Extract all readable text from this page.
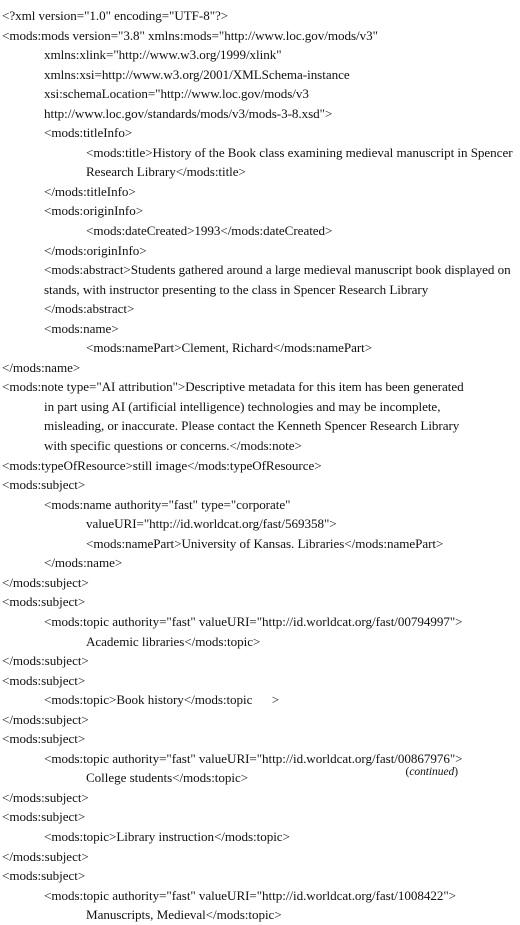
<?xml version="1.0" encoding="UTF-8"?>

<mods:mods version="3.8" xmlns:mods="http://www.loc.gov/mods/v3"

xmlns:xlink="http://www.w3.org/1999/xlink"

xmlns:xsi=http://www.w3.org/2001/XMLSchema-instance

xsi:schemaLocation="http://www.loc.gov/mods/v3

http://www.loc.gov/standards/mods/v3/mods-3-8.xsd">

<mods:titleInfo>

<mods:title>History of the Book class examining medieval manuscript in Spencer

Research Library</mods:title>

</mods:titleInfo>

<mods:originInfo>

<mods:dateCreated>1993</mods:dateCreated>

</mods:originInfo>

<mods:abstract>Students gathered around a large medieval manuscript book displayed on

stands, with instructor presenting to the class in Spencer Research Library

</mods:abstract>

<mods:name>

<mods:namePart>Clement, Richard</mods:namePart>

</mods:name>

<mods:note type="AI attribution">Descriptive metadata for this item has been generated

in part using AI (artificial intelligence) technologies and may be incomplete,

misleading, or inaccurate. Please contact the Kenneth Spencer Research Library

with specific questions or concerns.</mods:note>

<mods:typeOfResource>still image</mods:typeOfResource>

<mods:subject>

<mods:name authority="fast" type="corporate"

valueURI="http://id.worldcat.org/fast/569358">

<mods:namePart>University of Kansas. Libraries</mods:namePart>

</mods:name>

</mods:subject>

<mods:subject>

<mods:topic authority="fast" valueURI="http://id.worldcat.org/fast/00794997">

Academic libraries</mods:topic>

</mods:subject>

<mods:subject>

<mods:topic>Book history</mods:topic      >

</mods:subject>

<mods:subject>

<mods:topic authority="fast" valueURI="http://id.worldcat.org/fast/00867976">

College students</mods:topic>

</mods:subject>

<mods:subject>

<mods:topic>Library instruction</mods:topic>

</mods:subject>

<mods:subject>

<mods:topic authority="fast" valueURI="http://id.worldcat.org/fast/1008422">

Manuscripts, Medieval</mods:topic>

(continued)
